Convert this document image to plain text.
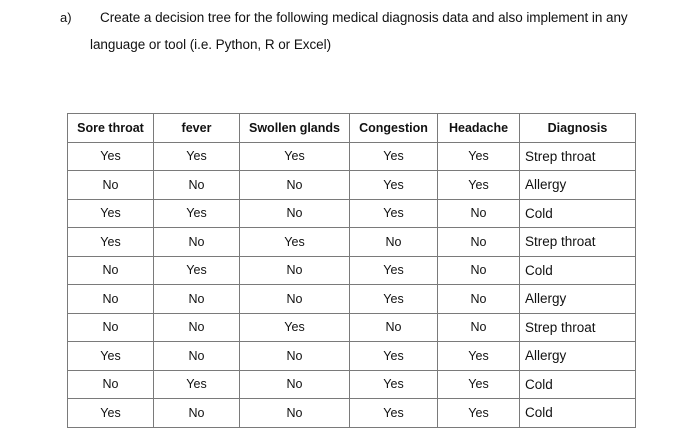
a)	Create a decision tree for the following medical diagnosis data and also implement in any
language or tool (i.e. Python, R or Excel)
Sore throat	fever	Swollen glands	Congestion	Headache	Diagnosis
Yes	Yes	Yes	Yes	Yes	Strep throat
No	No	No	Yes	Yes	Allergy
Yes	Yes	No	Yes	No	Cold
Yes	No	Yes	No	No	Strep throat
No	Yes	No	Yes	No	Cold
No	No	No	Yes	No	Allergy
No	No	Yes	No	No	Strep throat
Yes	No	No	Yes	Yes	Allergy
No	Yes	No	Yes	Yes	Cold
Yes	No	No	Yes	Yes	Cold
